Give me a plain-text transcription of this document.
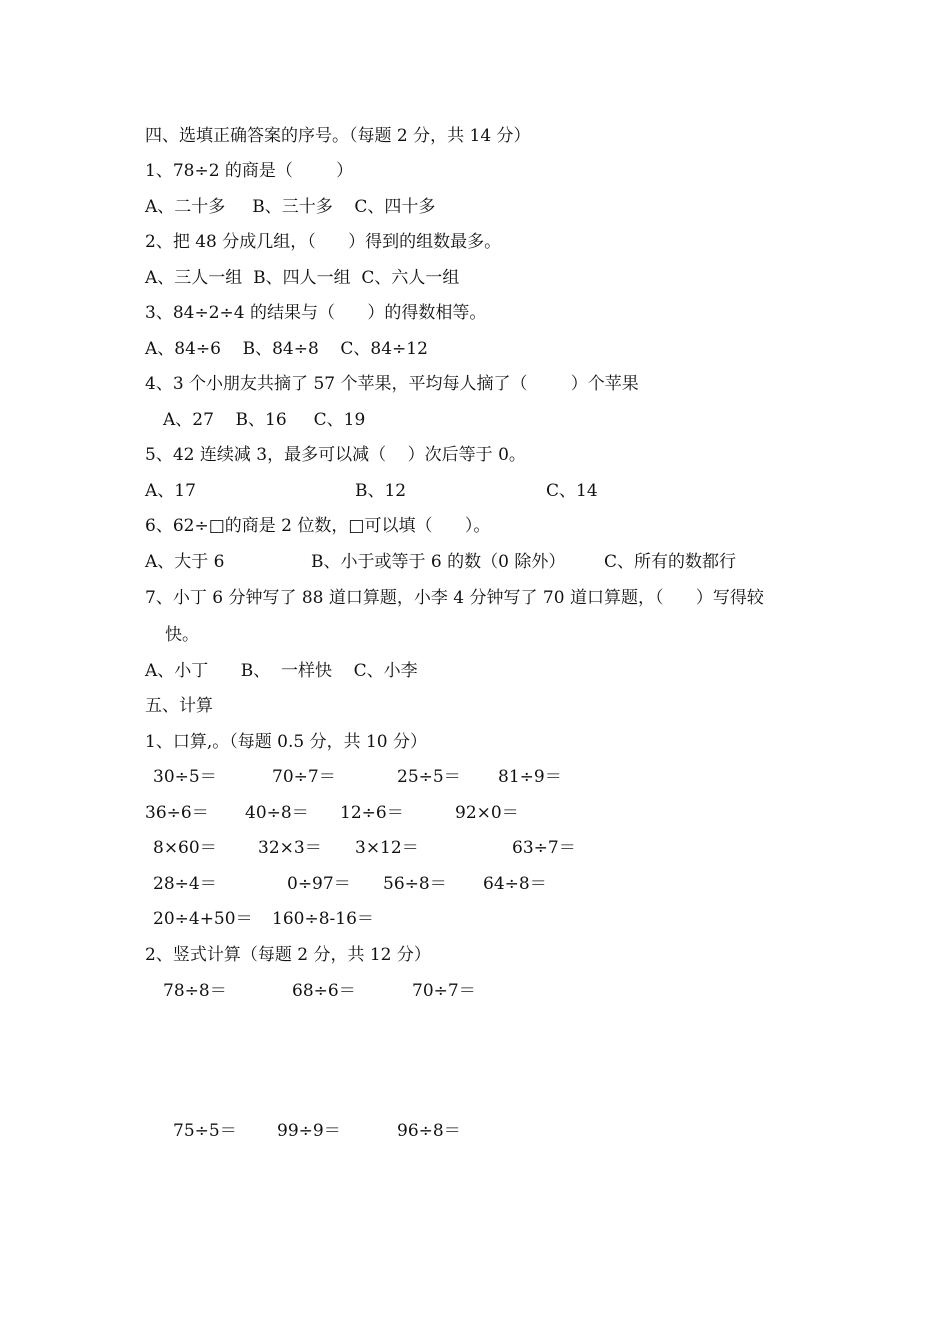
四、选填正确答案的序号。（每题 2 分，共 14 分）
1、78÷2 的商是（        ）
A、二十多     B、三十多    C、四十多
2、把 48 分成几组，（      ）得到的组数最多。
A、三人一组  B、四人一组  C、六人一组
3、84÷2÷4 的结果与（      ）的得数相等。
A、84÷6    B、84÷8    C、84÷12
4、3 个小朋友共摘了 57 个苹果，平均每人摘了（        ）个苹果
A、27    B、16     C、19
5、42 连续减 3，最多可以减（    ）次后等于 0。
A、17	B、12	C、14
6、62÷□的商是 2 位数，□可以填（      ）。
A、大于 6	B、小于或等于 6 的数（0 除外） C、所有的数都行
7、小丁 6 分钟写了 88 道口算题，小李 4 分钟写了 70 道口算题，（      ）写得较
快。
A、小丁      B、  一样快    C、小李
五、计算
1、口算,。（每题 0.5 分，共 10 分）
30÷5＝	70÷7＝	25÷5＝ 81÷9＝
36÷6＝ 40÷8＝ 12÷6＝	92×0＝
8×60＝ 32×3＝ 3×12＝	63÷7＝
28÷4＝	0÷97＝ 56÷8＝ 64÷8＝
20÷4+50＝ 160÷8-16＝
2、竖式计算（每题 2 分，共 12 分）
78÷8＝	68÷6＝	70÷7＝
75÷5＝ 99÷9＝	96÷8＝
